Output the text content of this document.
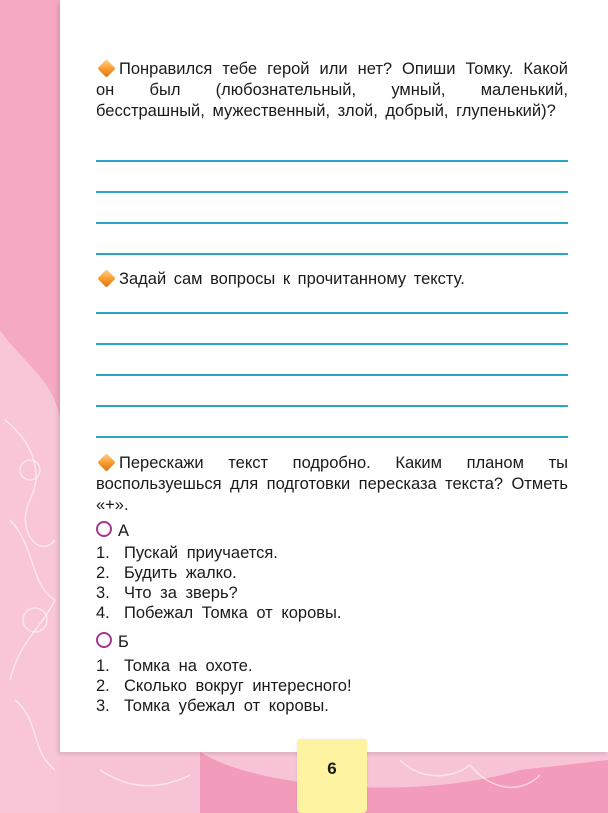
Понравился тебе герой или нет? Опиши Томку. Какой он был (любознательный, умный, маленький, бесстрашный, мужественный, злой, добрый, глупенький)?
Задай сам вопросы к прочитанному тексту.
Перескажи текст подробно. Каким планом ты воспользуешься для подготовки пересказа текста? Отметь «+».
А
1. Пускай приучается.
2. Будить жалко.
3. Что за зверь?
4. Побежал Томка от коровы.
Б
1. Томка на охоте.
2. Сколько вокруг интересного!
3. Томка убежал от коровы.
6
